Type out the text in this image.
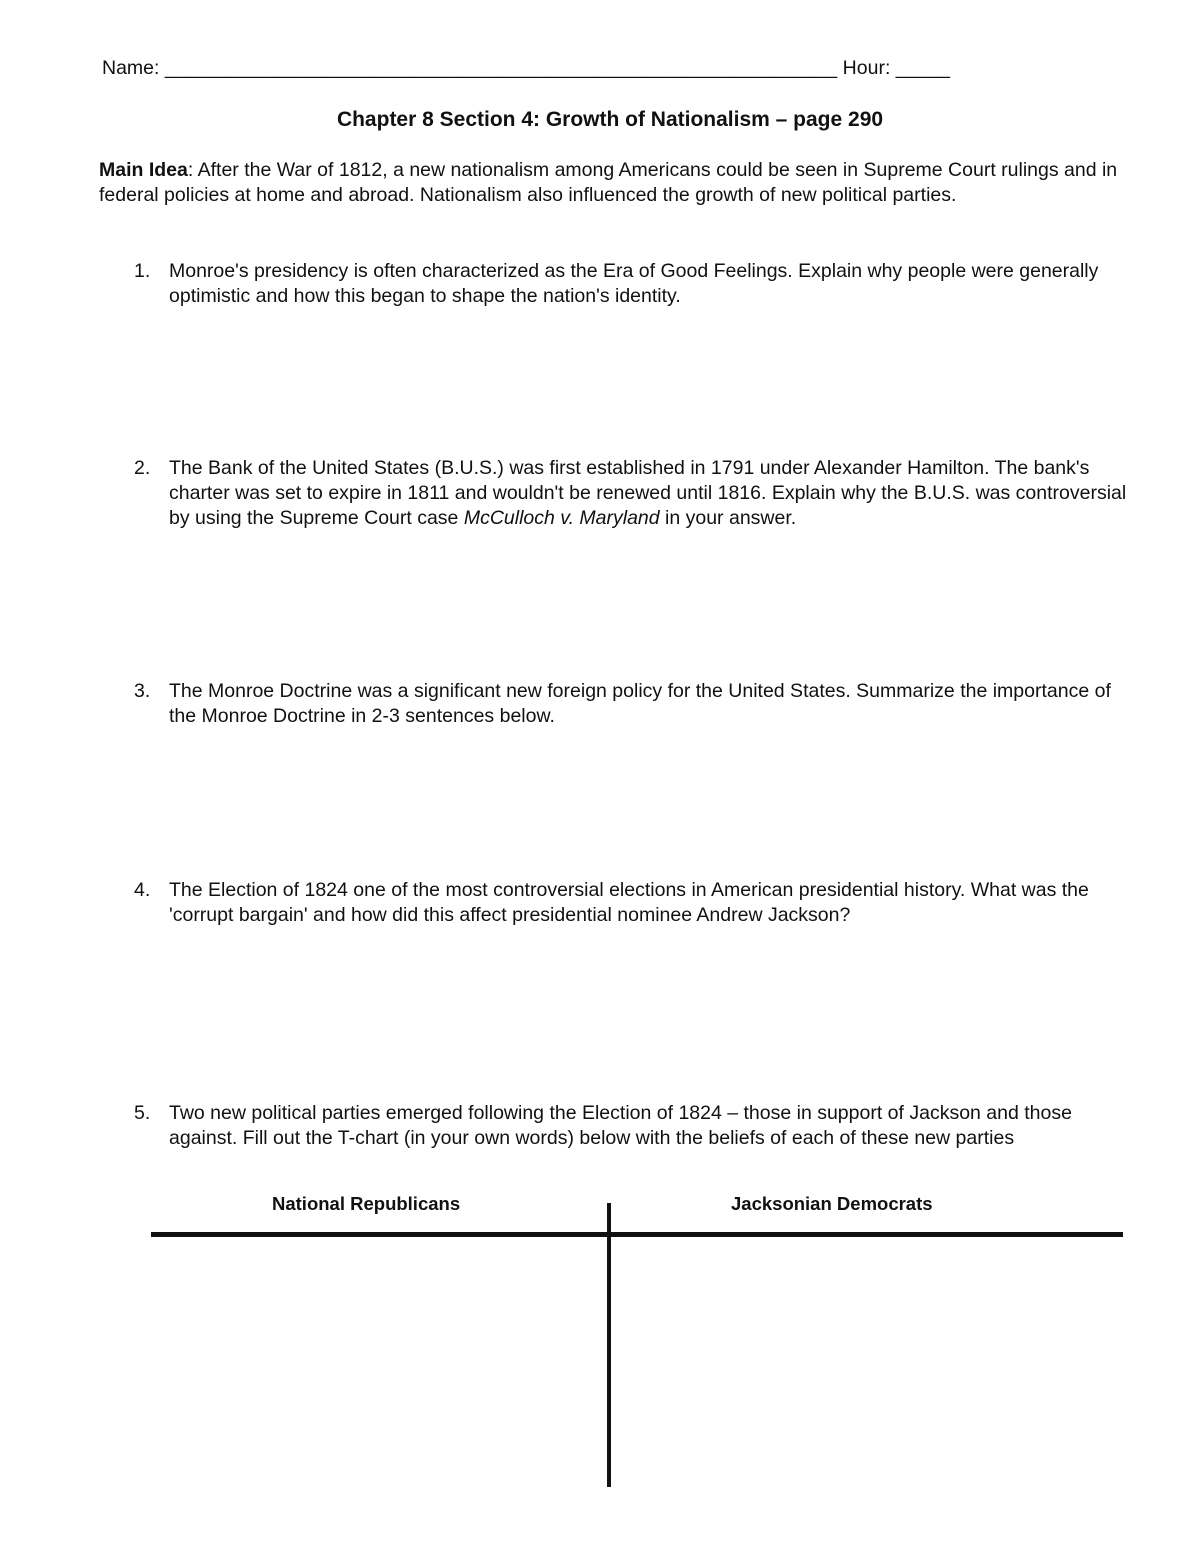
Name: ______________________________________________________________ Hour: _____
Chapter 8 Section 4: Growth of Nationalism – page 290
Main Idea: After the War of 1812, a new nationalism among Americans could be seen in Supreme Court rulings and in federal policies at home and abroad. Nationalism also influenced the growth of new political parties.
1. Monroe's presidency is often characterized as the Era of Good Feelings. Explain why people were generally optimistic and how this began to shape the nation's identity.
2. The Bank of the United States (B.U.S.) was first established in 1791 under Alexander Hamilton. The bank's charter was set to expire in 1811 and wouldn't be renewed until 1816. Explain why the B.U.S. was controversial by using the Supreme Court case McCulloch v. Maryland in your answer.
3. The Monroe Doctrine was a significant new foreign policy for the United States. Summarize the importance of the Monroe Doctrine in 2-3 sentences below.
4. The Election of 1824 one of the most controversial elections in American presidential history. What was the 'corrupt bargain' and how did this affect presidential nominee Andrew Jackson?
5. Two new political parties emerged following the Election of 1824 – those in support of Jackson and those against. Fill out the T-chart (in your own words) below with the beliefs of each of these new parties
National Republicans	Jacksonian Democrats
